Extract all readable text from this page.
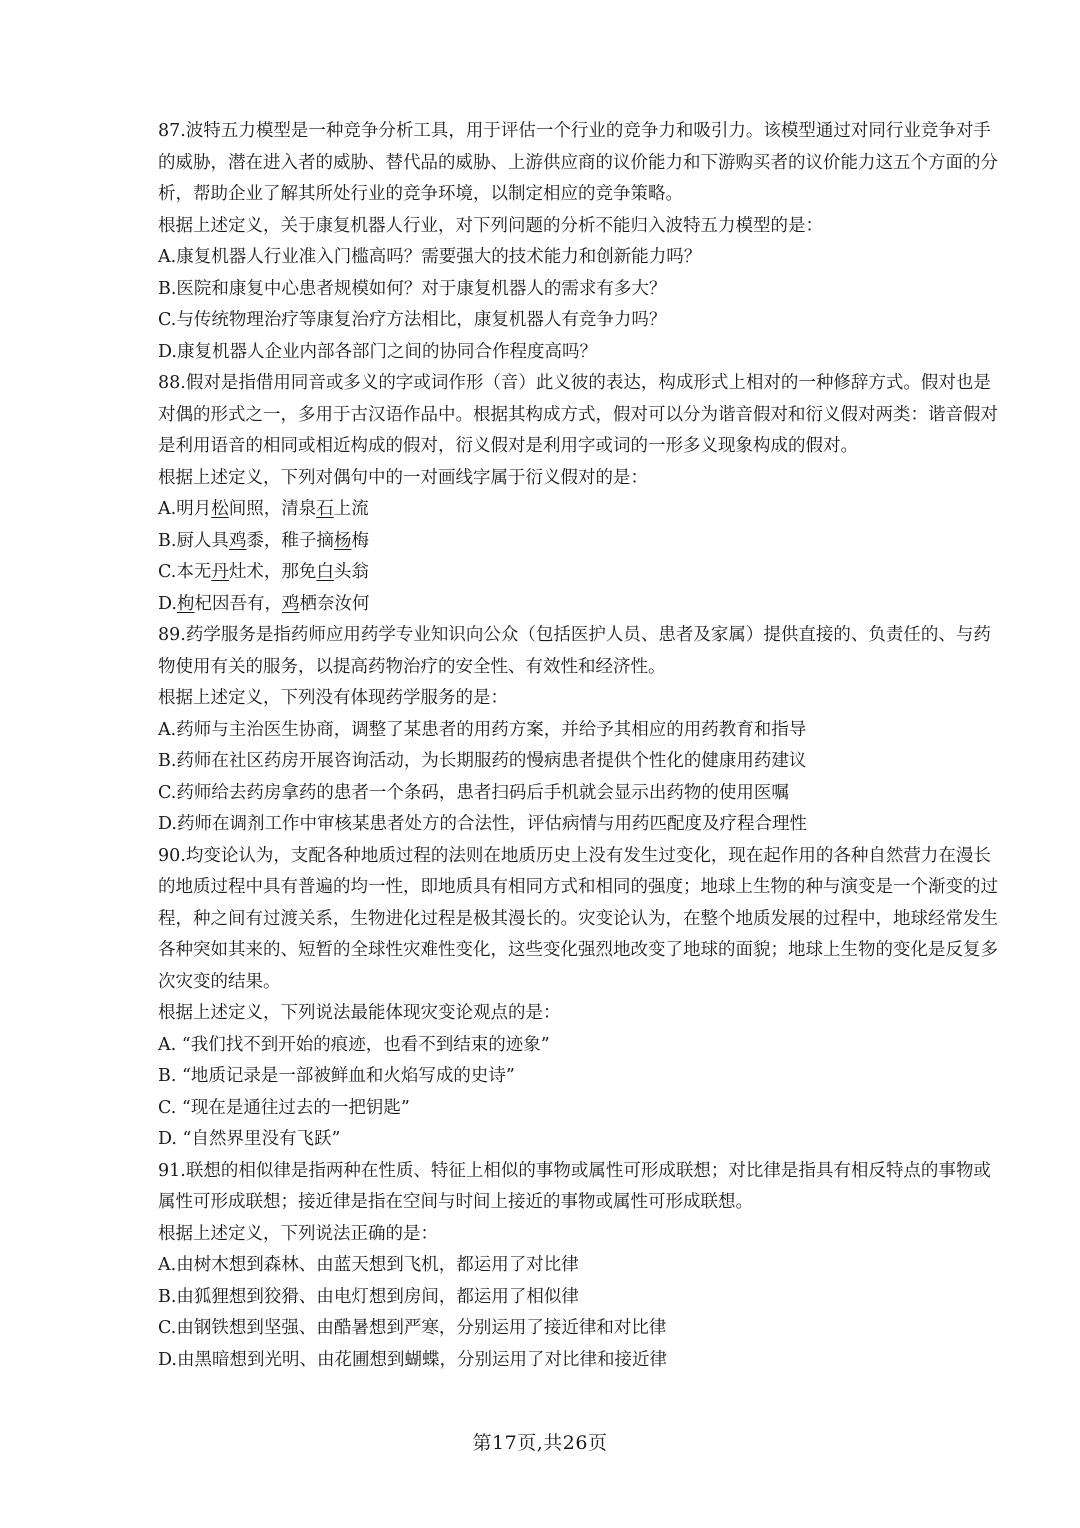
87.波特五力模型是一种竞争分析工具，用于评估一个行业的竞争力和吸引力。该模型通过对同行业竞争对手的威胁，潜在进入者的威胁、替代品的威胁、上游供应商的议价能力和下游购买者的议价能力这五个方面的分析，帮助企业了解其所处行业的竞争环境，以制定相应的竞争策略。

根据上述定义，关于康复机器人行业，对下列问题的分析不能归入波特五力模型的是：

A.康复机器人行业准入门槛高吗？需要强大的技术能力和创新能力吗？

B.医院和康复中心患者规模如何？对于康复机器人的需求有多大？

C.与传统物理治疗等康复治疗方法相比，康复机器人有竞争力吗？

D.康复机器人企业内部各部门之间的协同合作程度高吗？

88.假对是指借用同音或多义的字或词作形（音）此义彼的表达，构成形式上相对的一种修辞方式。假对也是对偶的形式之一，多用于古汉语作品中。根据其构成方式，假对可以分为谐音假对和衍义假对两类：谐音假对是利用语音的相同或相近构成的假对，衍义假对是利用字或词的一形多义现象构成的假对。

根据上述定义，下列对偶句中的一对画线字属于衍义假对的是：

A.明月松间照，清泉石上流

B.厨人具鸡黍，稚子摘杨梅

C.本无丹灶术，那免白头翁

D.枸杞因吾有，鸡栖奈汝何

89.药学服务是指药师应用药学专业知识向公众（包括医护人员、患者及家属）提供直接的、负责任的、与药物使用有关的服务，以提高药物治疗的安全性、有效性和经济性。

根据上述定义，下列没有体现药学服务的是：

A.药师与主治医生协商，调整了某患者的用药方案，并给予其相应的用药教育和指导

B.药师在社区药房开展咨询活动，为长期服药的慢病患者提供个性化的健康用药建议

C.药师给去药房拿药的患者一个条码，患者扫码后手机就会显示出药物的使用医嘱

D.药师在调剂工作中审核某患者处方的合法性，评估病情与用药匹配度及疗程合理性

90.均变论认为，支配各种地质过程的法则在地质历史上没有发生过变化，现在起作用的各种自然营力在漫长的地质过程中具有普遍的均一性，即地质具有相同方式和相同的强度；地球上生物的种与演变是一个渐变的过程，种之间有过渡关系，生物进化过程是极其漫长的。灾变论认为，在整个地质发展的过程中，地球经常发生各种突如其来的、短暂的全球性灾难性变化，这些变化强烈地改变了地球的面貌；地球上生物的变化是反复多次灾变的结果。

根据上述定义，下列说法最能体现灾变论观点的是：

A. “我们找不到开始的痕迹，也看不到结束的迹象”

B. “地质记录是一部被鲜血和火焰写成的史诗”

C. “现在是通往过去的一把钥匙”

D. “自然界里没有飞跃”

91.联想的相似律是指两种在性质、特征上相似的事物或属性可形成联想；对比律是指具有相反特点的事物或属性可形成联想；接近律是指在空间与时间上接近的事物或属性可形成联想。

根据上述定义，下列说法正确的是：

A.由树木想到森林、由蓝天想到飞机，都运用了对比律

B.由狐狸想到狡猾、由电灯想到房间，都运用了相似律

C.由钢铁想到坚强、由酷暑想到严寒，分别运用了接近律和对比律

D.由黑暗想到光明、由花圃想到蝴蝶，分别运用了对比律和接近律

第17页,共26页
